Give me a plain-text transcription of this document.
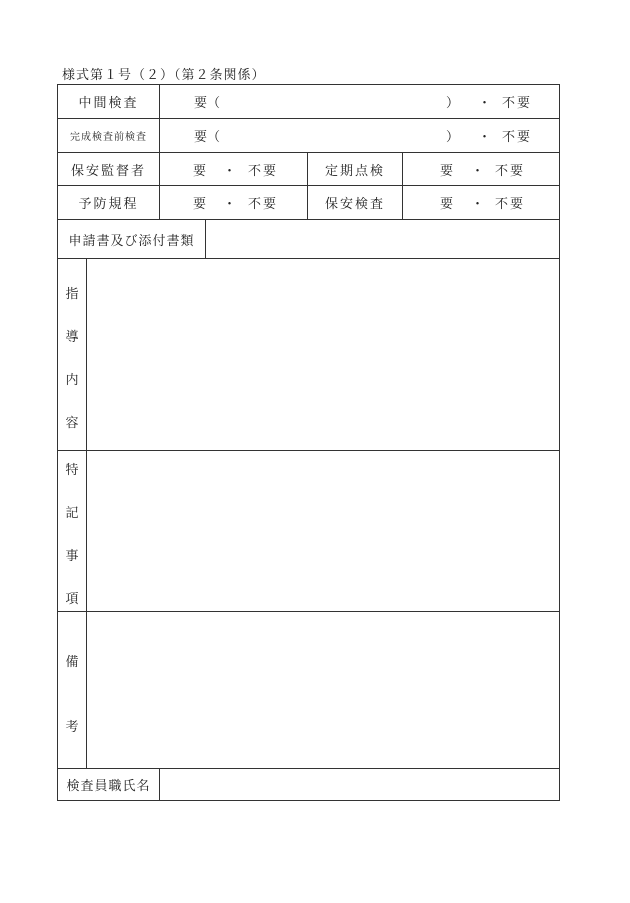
様式第１号（２）（第２条関係）
中間検査	要（	） ・ 不要
完成検査前検査	要（	） ・ 不要
保安監督者	要 ・ 不要	定期点検	要 ・ 不要
予防規程	要 ・ 不要	保安検査	要 ・ 不要
申請書及び添付書類
指
導
内
容
特
記
事
項
備
考
検査員職氏名
